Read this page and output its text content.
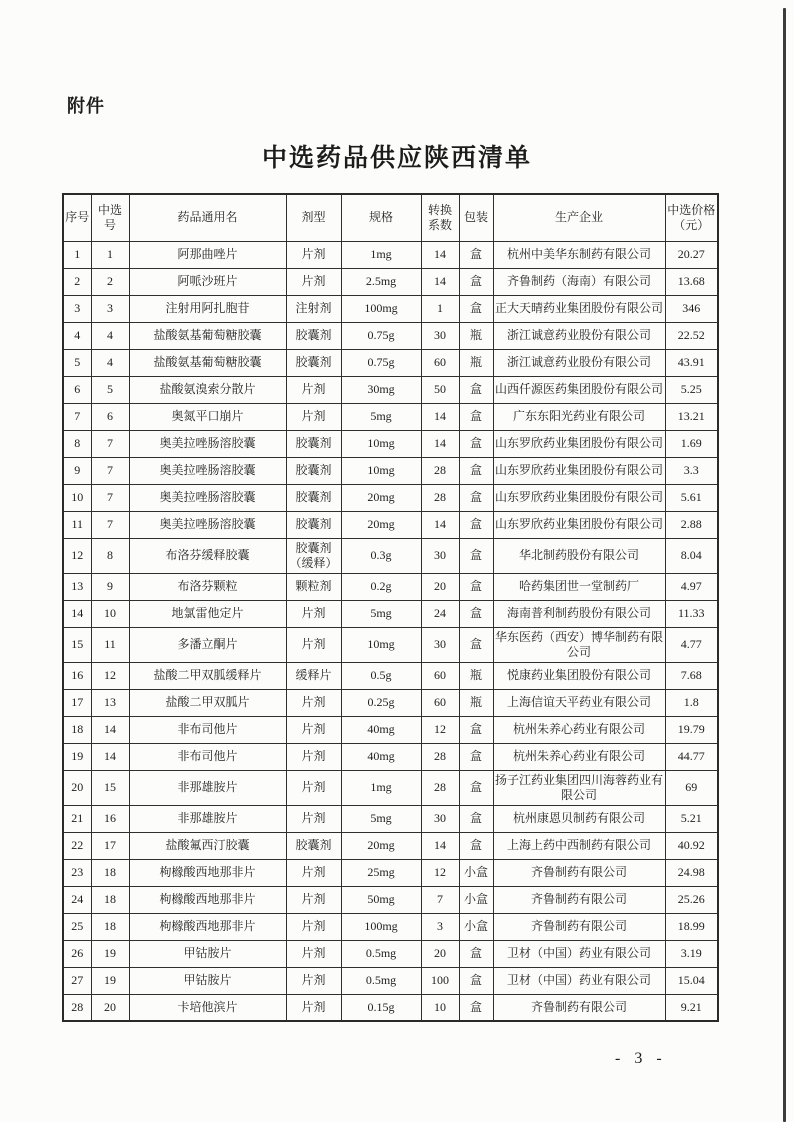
附件
中选药品供应陕西清单
序号	中选号	药品通用名	剂型	规格	转换系数	包装	生产企业	中选价格（元）
1	1	阿那曲唑片	片剂	1mg	14	盒	杭州中美华东制药有限公司	20.27
2	2	阿哌沙班片	片剂	2.5mg	14	盒	齐鲁制药（海南）有限公司	13.68
3	3	注射用阿扎胞苷	注射剂	100mg	1	盒	正大天晴药业集团股份有限公司	346
4	4	盐酸氨基葡萄糖胶囊	胶囊剂	0.75g	30	瓶	浙江诚意药业股份有限公司	22.52
5	4	盐酸氨基葡萄糖胶囊	胶囊剂	0.75g	60	瓶	浙江诚意药业股份有限公司	43.91
6	5	盐酸氨溴索分散片	片剂	30mg	50	盒	山西仟源医药集团股份有限公司	5.25
7	6	奥氮平口崩片	片剂	5mg	14	盒	广东东阳光药业有限公司	13.21
8	7	奥美拉唑肠溶胶囊	胶囊剂	10mg	14	盒	山东罗欣药业集团股份有限公司	1.69
9	7	奥美拉唑肠溶胶囊	胶囊剂	10mg	28	盒	山东罗欣药业集团股份有限公司	3.3
10	7	奥美拉唑肠溶胶囊	胶囊剂	20mg	28	盒	山东罗欣药业集团股份有限公司	5.61
11	7	奥美拉唑肠溶胶囊	胶囊剂	20mg	14	盒	山东罗欣药业集团股份有限公司	2.88
12	8	布洛芬缓释胶囊	胶囊剂（缓释）	0.3g	30	盒	华北制药股份有限公司	8.04
13	9	布洛芬颗粒	颗粒剂	0.2g	20	盒	哈药集团世一堂制药厂	4.97
14	10	地氯雷他定片	片剂	5mg	24	盒	海南普利制药股份有限公司	11.33
15	11	多潘立酮片	片剂	10mg	30	盒	华东医药（西安）博华制药有限公司	4.77
16	12	盐酸二甲双胍缓释片	缓释片	0.5g	60	瓶	悦康药业集团股份有限公司	7.68
17	13	盐酸二甲双胍片	片剂	0.25g	60	瓶	上海信谊天平药业有限公司	1.8
18	14	非布司他片	片剂	40mg	12	盒	杭州朱养心药业有限公司	19.79
19	14	非布司他片	片剂	40mg	28	盒	杭州朱养心药业有限公司	44.77
20	15	非那雄胺片	片剂	1mg	28	盒	扬子江药业集团四川海蓉药业有限公司	69
21	16	非那雄胺片	片剂	5mg	30	盒	杭州康恩贝制药有限公司	5.21
22	17	盐酸氟西汀胶囊	胶囊剂	20mg	14	盒	上海上药中西制药有限公司	40.92
23	18	枸橼酸西地那非片	片剂	25mg	12	小盒	齐鲁制药有限公司	24.98
24	18	枸橼酸西地那非片	片剂	50mg	7	小盒	齐鲁制药有限公司	25.26
25	18	枸橼酸西地那非片	片剂	100mg	3	小盒	齐鲁制药有限公司	18.99
26	19	甲钴胺片	片剂	0.5mg	20	盒	卫材（中国）药业有限公司	3.19
27	19	甲钴胺片	片剂	0.5mg	100	盒	卫材（中国）药业有限公司	15.04
28	20	卡培他滨片	片剂	0.15g	10	盒	齐鲁制药有限公司	9.21
- 3 -
